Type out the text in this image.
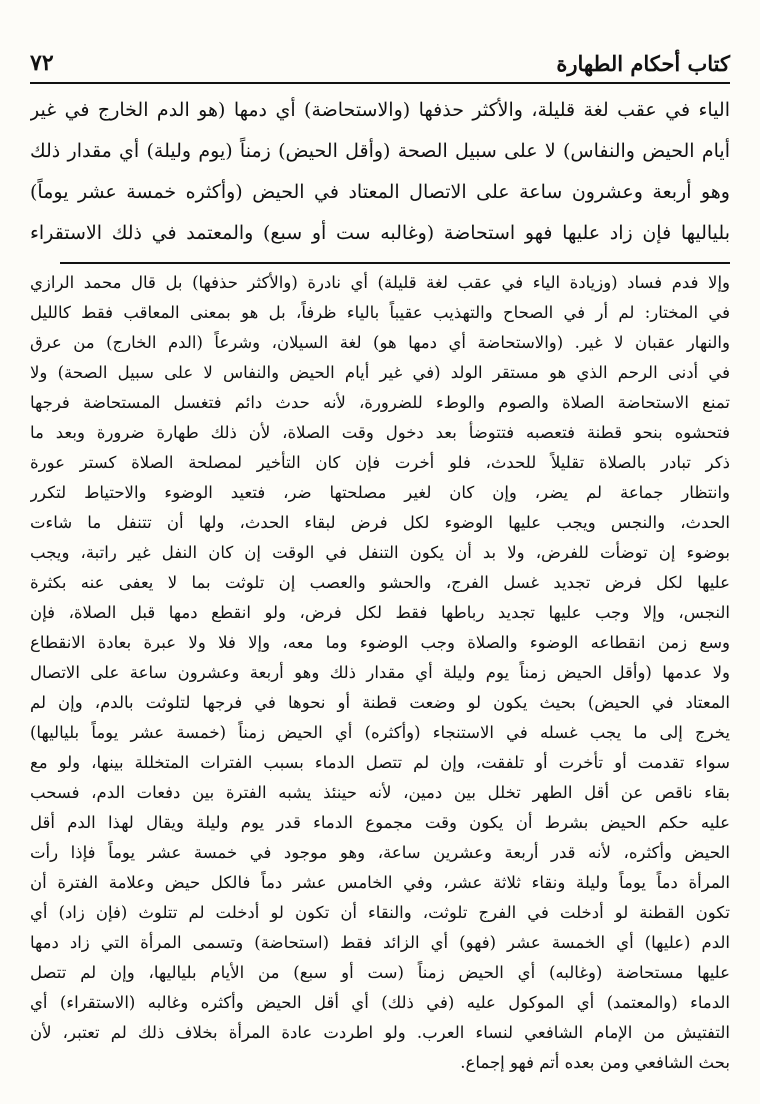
كتاب أحكام الطهارة
٧٢
الياء في عقب لغة قليلة، والأكثر حذفها (والاستحاضة) أي دمها (هو الدم الخارج في غير
أيام الحيض والنفاس) لا على سبيل الصحة (وأقل الحيض) زمناً (يوم وليلة) أي مقدار ذلك
وهو أربعة وعشرون ساعة على الاتصال المعتاد في الحيض (وأكثره خمسة عشر يوماً)
بلياليها فإن زاد عليها فهو استحاضة (وغالبه ست أو سبع) والمعتمد في ذلك الاستقراء
وإلا فدم فساد (وزيادة الياء في عقب لغة قليلة) أي نادرة (والأكثر حذفها) بل قال محمد الرازي
في المختار: لم أر في الصحاح والتهذيب عقيباً بالياء ظرفاً، بل هو بمعنى المعاقب فقط كالليل
والنهار عقبان لا غير. (والاستحاضة أي دمها هو) لغة السيلان، وشرعاً (الدم الخارج) من عرق
في أدنى الرحم الذي هو مستقر الولد (في غير أيام الحيض والنفاس لا على سبيل الصحة) ولا
تمنع الاستحاضة الصلاة والصوم والوطء للضرورة، لأنه حدث دائم فتغسل المستحاضة فرجها
فتحشوه بنحو قطنة فتعصبه فتتوضأ بعد دخول وقت الصلاة، لأن ذلك طهارة ضرورة وبعد ما
ذكر تبادر بالصلاة تقليلاً للحدث، فلو أخرت فإن كان التأخير لمصلحة الصلاة كستر عورة
وانتظار جماعة لم يضر، وإن كان لغير مصلحتها ضر، فتعيد الوضوء والاحتياط لتكرر
الحدث، والنجس ويجب عليها الوضوء لكل فرض لبقاء الحدث، ولها أن تتنفل ما شاءت
بوضوء إن توضأت للفرض، ولا بد أن يكون التنفل في الوقت إن كان النفل غير راتبة، ويجب
عليها لكل فرض تجديد غسل الفرج، والحشو والعصب إن تلوثت بما لا يعفى عنه بكثرة
النجس، وإلا وجب عليها تجديد رباطها فقط لكل فرض، ولو انقطع دمها قبل الصلاة، فإن
وسع زمن انقطاعه الوضوء والصلاة وجب الوضوء وما معه، وإلا فلا ولا عبرة بعادة الانقطاع
ولا عدمها (وأقل الحيض زمناً يوم وليلة أي مقدار ذلك وهو أربعة وعشرون ساعة على الاتصال
المعتاد في الحيض) بحيث يكون لو وضعت قطنة أو نحوها في فرجها لتلوثت بالدم، وإن لم
يخرج إلى ما يجب غسله في الاستنجاء (وأكثره) أي الحيض زمناً (خمسة عشر يوماً بلياليها)
سواء تقدمت أو تأخرت أو تلفقت، وإن لم تتصل الدماء بسبب الفترات المتخللة بينها، ولو مع
بقاء ناقص عن أقل الطهر تخلل بين دمين، لأنه حينئذ يشبه الفترة بين دفعات الدم، فسحب
عليه حكم الحيض بشرط أن يكون وقت مجموع الدماء قدر يوم وليلة ويقال لهذا الدم أقل
الحيض وأكثره، لأنه قدر أربعة وعشرين ساعة، وهو موجود في خمسة عشر يوماً فإذا رأت
المرأة دماً يوماً وليلة ونقاء ثلاثة عشر، وفي الخامس عشر دماً فالكل حيض وعلامة الفترة أن
تكون القطنة لو أدخلت في الفرج تلوثت، والنقاء أن تكون لو أدخلت لم تتلوث (فإن زاد) أي
الدم (عليها) أي الخمسة عشر (فهو) أي الزائد فقط (استحاضة) وتسمى المرأة التي زاد دمها
عليها مستحاضة (وغالبه) أي الحيض زمناً (ست أو سبع) من الأيام بلياليها، وإن لم تتصل
الدماء (والمعتمد) أي الموكول عليه (في ذلك) أي أقل الحيض وأكثره وغالبه (الاستقراء) أي
التفتيش من الإمام الشافعي لنساء العرب. ولو اطردت عادة المرأة بخلاف ذلك لم تعتبر، لأن
بحث الشافعي ومن بعده أتم فهو إجماع.
